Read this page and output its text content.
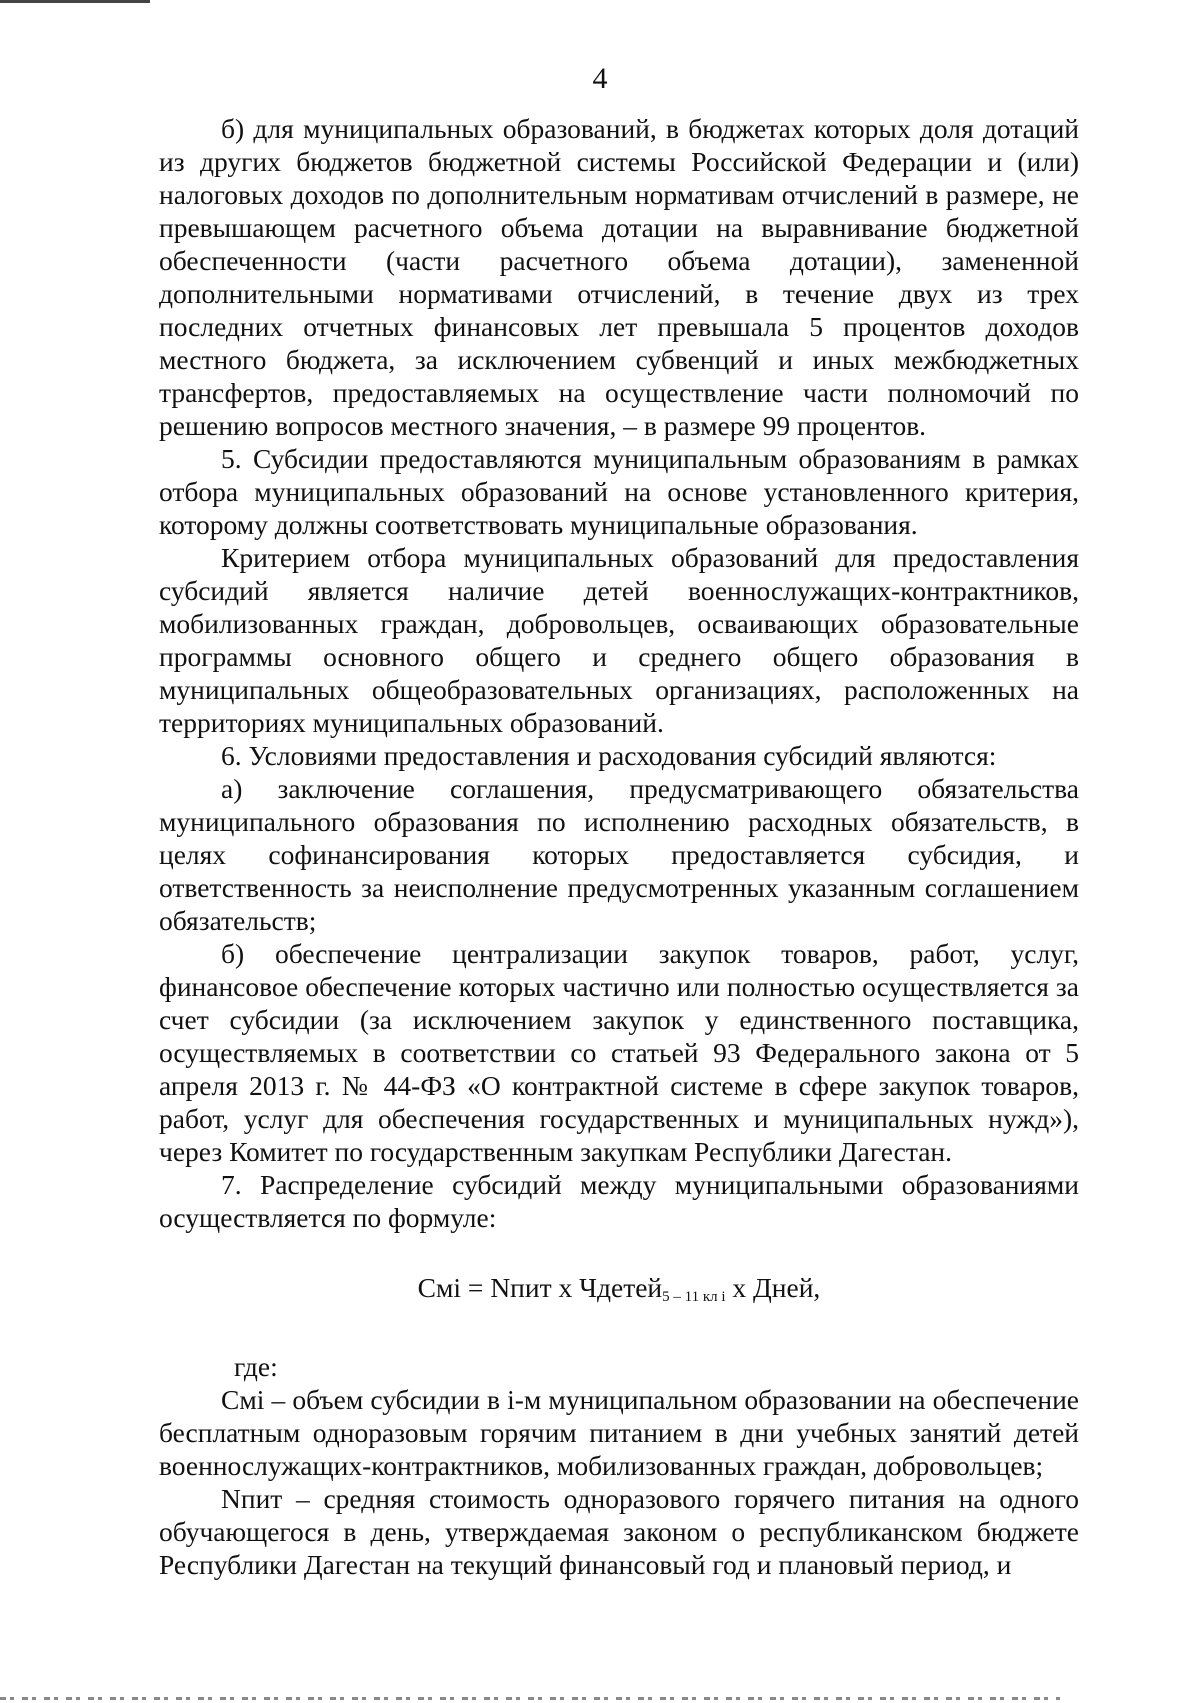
4

б) для муниципальных образований, в бюджетах которых доля дотаций из других бюджетов бюджетной системы Российской Федерации и (или) налоговых доходов по дополнительным нормативам отчислений в размере, не превышающем расчетного объема дотации на выравнивание бюджетной обеспеченности (части расчетного объема дотации), замененной дополнительными нормативами отчислений, в течение двух из трех последних отчетных финансовых лет превышала 5 процентов доходов местного бюджета, за исключением субвенций и иных межбюджетных трансфертов, предоставляемых на осуществление части полномочий по решению вопросов местного значения, – в размере 99 процентов.

5. Субсидии предоставляются муниципальным образованиям в рамках отбора муниципальных образований на основе установленного критерия, которому должны соответствовать муниципальные образования.

Критерием отбора муниципальных образований для предоставления субсидий является наличие детей военнослужащих-контрактников, мобилизованных граждан, добровольцев, осваивающих образовательные программы основного общего и среднего общего образования в муниципальных общеобразовательных организациях, расположенных на территориях муниципальных образований.

6. Условиями предоставления и расходования субсидий являются:

а) заключение соглашения, предусматривающего обязательства муниципального образования по исполнению расходных обязательств, в целях софинансирования которых предоставляется субсидия, и ответственность за неисполнение предусмотренных указанным соглашением обязательств;

б) обеспечение централизации закупок товаров, работ, услуг, финансовое обеспечение которых частично или полностью осуществляется за счет субсидии (за исключением закупок у единственного поставщика, осуществляемых в соответствии со статьей 93 Федерального закона от 5 апреля 2013 г. № 44-ФЗ «О контрактной системе в сфере закупок товаров, работ, услуг для обеспечения государственных и муниципальных нужд»), через Комитет по государственным закупкам Республики Дагестан.

7. Распределение субсидий между муниципальными образованиями осуществляется по формуле:

Cмi = Nпит х Чдетей$_{5 - 11 кл i}$ х Дней,

где:

Cмi – объем субсидии в i-м муниципальном образовании на обеспечение бесплатным одноразовым горячим питанием в дни учебных занятий детей военнослужащих-контрактников, мобилизованных граждан, добровольцев;

Nпит – средняя стоимость одноразового горячего питания на одного обучающегося в день, утверждаемая законом о республиканском бюджете Республики Дагестан на текущий финансовый год и плановый период, и
